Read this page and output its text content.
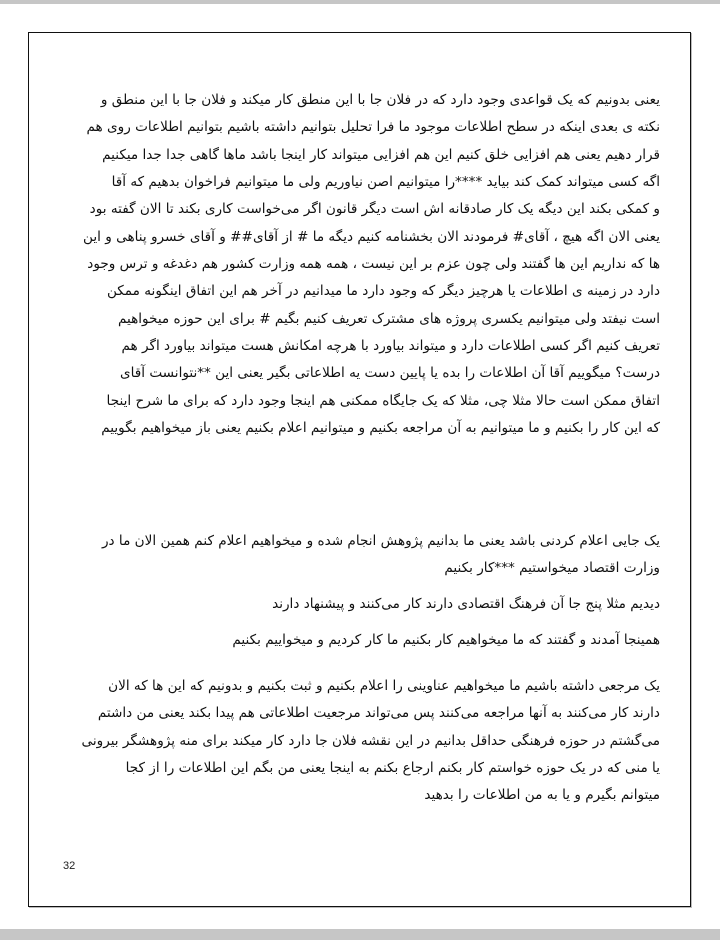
یعنی بدونیم که یک قواعدی وجود دارد که در فلان جا با این منطق کار میکند و فلان جا با این منطق و
نکته ی بعدی اینکه در سطح اطلاعات موجود ما فرا تحلیل بتوانیم داشته باشیم بتوانیم اطلاعات روی هم
قرار دهیم یعنی هم افزایی خلق کنیم این هم افزایی میتواند کار اینجا باشد ماها گاهی جدا جدا میکنیم
اگه کسی میتواند کمک کند بیاید ****را میتوانیم اصن نیاوریم ولی ما میتوانیم فراخوان بدهیم که آقا
و کمکی بکند این دیگه یک کار صادقانه اش است دیگر قانون اگر می‌خواست کاری بکند تا الان گفته بود
یعنی الان اگه هیچ ، آقای# فرمودند الان بخشنامه کنیم دیگه ما # از آقای## و آقای خسرو پناهی و این
ها که نداریم این ها گفتند ولی چون عزم بر این نیست ، همه همه وزارت کشور هم دغدغه و ترس وجود
دارد در زمینه ی اطلاعات یا هرچیز دیگر که وجود دارد ما میدانیم در آخر هم این اتفاق اینگونه ممکن
است نیفتد ولی میتوانیم یکسری پروژه های مشترک تعریف کنیم بگیم # برای این حوزه میخواهیم
تعریف کنیم اگر کسی اطلاعات دارد و میتواند بیاورد با هرچه امکانش هست میتواند بیاورد اگر هم
درست؟ میگوییم آقا آن اطلاعات را بده یا پایین دست یه اطلاعاتی بگیر یعنی این **نتوانست آقای
اتفاق ممکن است حالا مثلا چی، مثلا که یک جایگاه ممکنی هم اینجا وجود دارد که برای ما شرح اینجا
که این کار را بکنیم و ما میتوانیم به آن مراجعه بکنیم و میتوانیم اعلام بکنیم یعنی باز میخواهیم بگوییم
یک جایی اعلام کردنی باشد یعنی ما بدانیم پژوهش انجام شده و میخواهیم اعلام کنم همین الان ما در
وزارت اقتصاد میخواستیم ***کار بکنیم
دیدیم مثلا پنج جا آن فرهنگ اقتصادی دارند کار می‌کنند و پیشنهاد دارند
همینجا آمدند و گفتند که ما میخواهیم کار بکنیم ما کار کردیم و میخواییم بکنیم
یک مرجعی داشته باشیم ما میخواهیم عناوینی را اعلام بکنیم و ثبت بکنیم و بدونیم که این ها که الان
دارند کار می‌کنند به آنها مراجعه می‌کنند پس می‌تواند مرجعیت اطلاعاتی هم پیدا بکند یعنی من داشتم
می‌گشتم در حوزه فرهنگی حداقل بدانیم در این نقشه فلان جا دارد کار میکند برای منه پژوهشگر بیرونی
یا منی که در یک حوزه خواستم کار بکنم ارجاع بکنم به اینجا یعنی من بگم این اطلاعات را از کجا
میتوانم بگیرم و یا به من اطلاعات را بدهید
32
